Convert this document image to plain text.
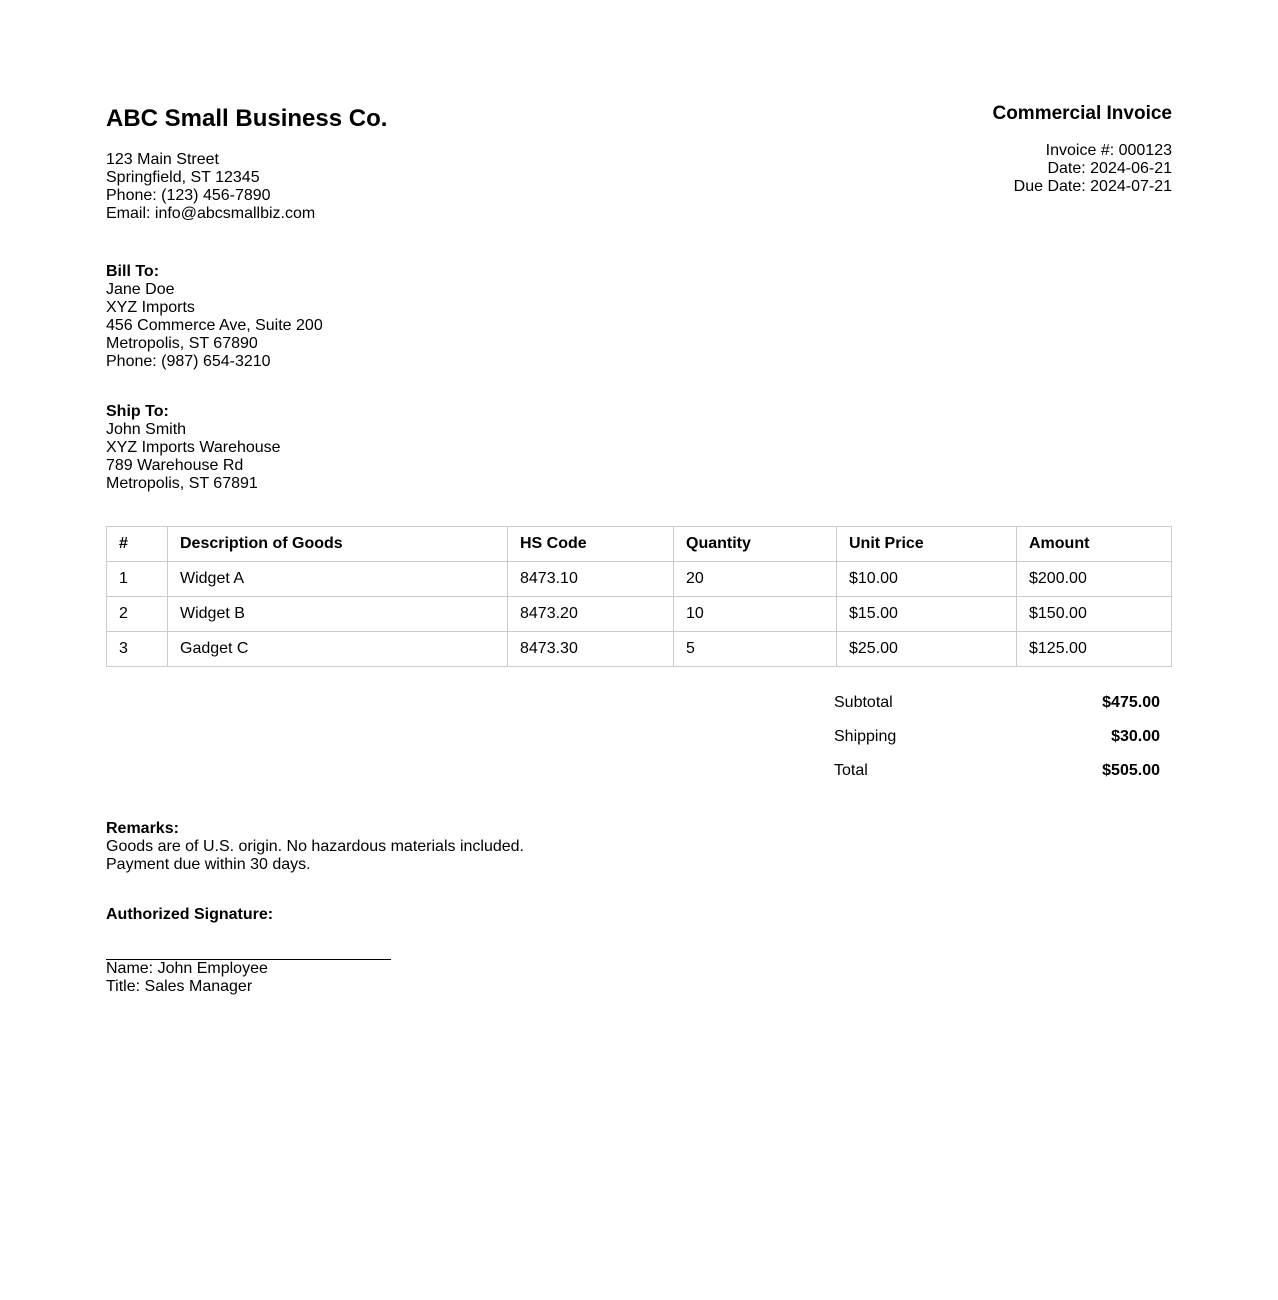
ABC Small Business Co.
123 Main Street
Springfield, ST 12345
Phone: (123) 456-7890
Email: info@abcsmallbiz.com
Commercial Invoice
Invoice #: 000123
Date: 2024-06-21
Due Date: 2024-07-21
Bill To:
Jane Doe
XYZ Imports
456 Commerce Ave, Suite 200
Metropolis, ST 67890
Phone: (987) 654-3210
Ship To:
John Smith
XYZ Imports Warehouse
789 Warehouse Rd
Metropolis, ST 67891
#	Description of Goods	HS Code	Quantity	Unit Price	Amount
1	Widget A	8473.10	20	$10.00	$200.00
2	Widget B	8473.20	10	$15.00	$150.00
3	Gadget C	8473.30	5	$25.00	$125.00
Subtotal	$475.00
Shipping	$30.00
Total	$505.00
Remarks:
Goods are of U.S. origin. No hazardous materials included.
Payment due within 30 days.
Authorized Signature:
Name: John Employee
Title: Sales Manager
